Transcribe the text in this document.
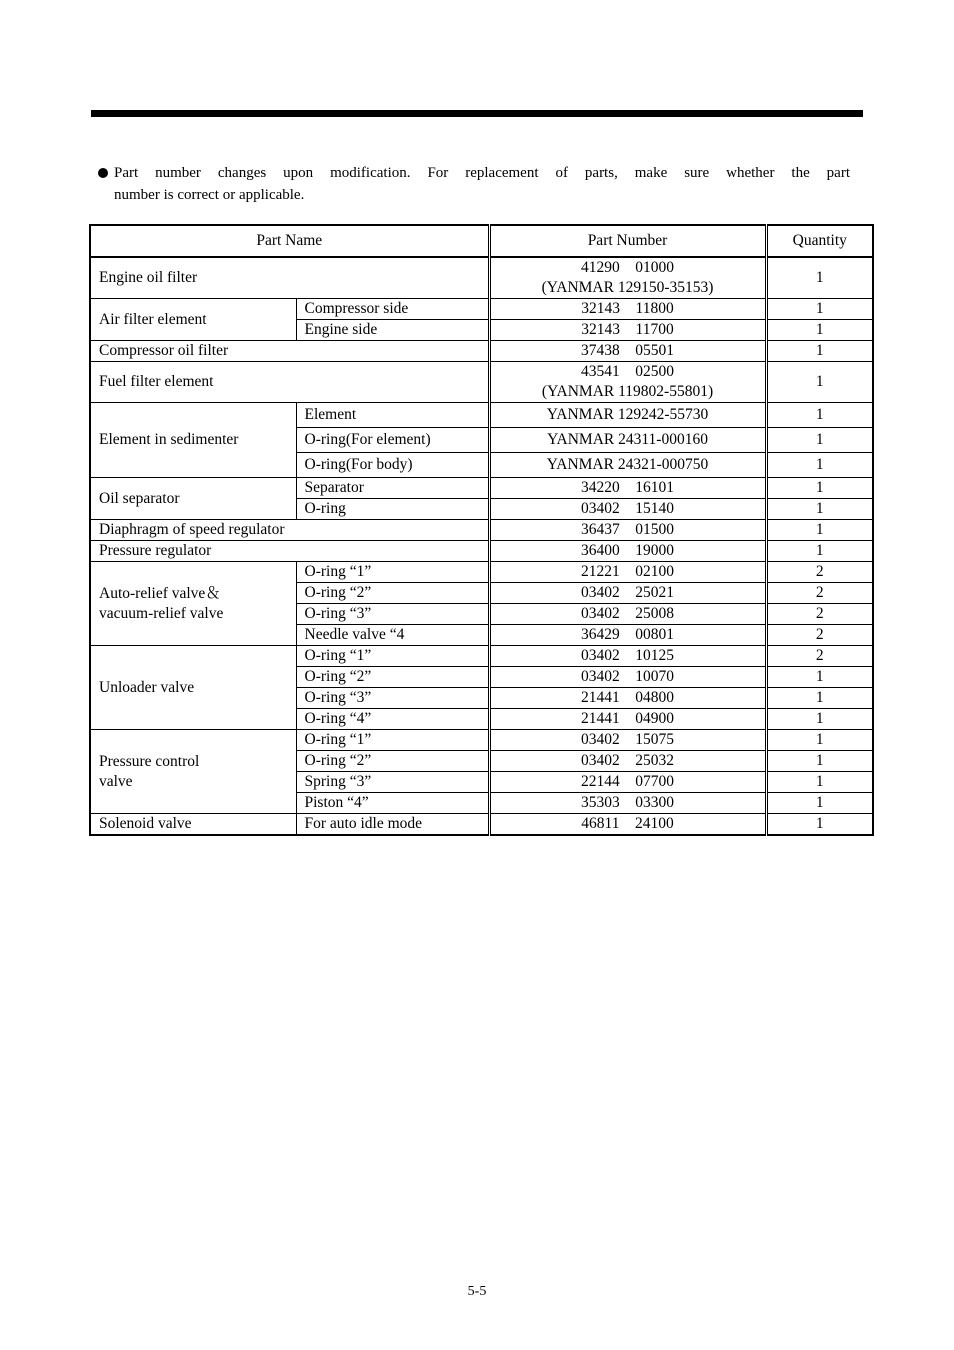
Part number changes upon modification. For replacement of parts, make sure whether the part
number is correct or applicable.
Part Name		Part Number	Quantity
Engine oil filter		41290　01000
(YANMAR 129150-35153)	1
Air filter element	Compressor side	32143　11800	1
	Engine side	32143　11700	1
Compressor oil filter		37438　05501	1
Fuel filter element		43541　02500
(YANMAR 119802-55801)	1
Element in sedimenter	Element	YANMAR 129242-55730	1
	O-ring(For element)	YANMAR 24311-000160	1
	O-ring(For body)	YANMAR 24321-000750	1
Oil separator	Separator	34220　16101	1
	O-ring	03402　15140	1
Diaphragm of speed regulator		36437　01500	1
Pressure regulator		36400　19000	1

Auto-relief valve＆
vacuum-relief valve	O-ring “1”	21221　02100	2
	O-ring “2”	03402　25021	2
	O-ring “3”	03402　25008	2
	Needle valve “4	36429　00801	2
Unloader valve	O-ring “1”	03402　10125	2
	O-ring “2”	03402　10070	1
	O-ring “3”	21441　04800	1
	O-ring “4”	21441　04900	1

Pressure control
valve	O-ring “1”	03402　15075	1
	O-ring “2”	03402　25032	1
	Spring “3”	22144　07700	1
	Piston “4”	35303　03300	1
Solenoid valve	For auto idle mode	46811　24100	1
5-5
